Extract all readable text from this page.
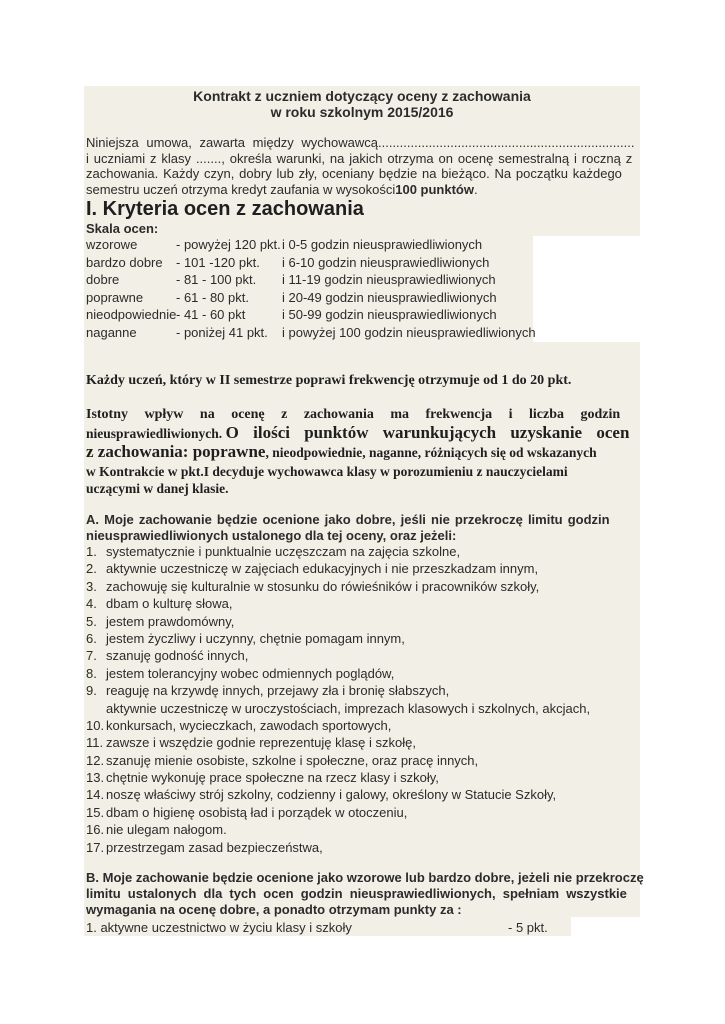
Kontrakt z uczniem dotyczący oceny z zachowania
w roku szkolnym 2015/2016
Niniejsza umowa, zawarta między wychowawcą .......................................................................
i uczniami z klasy ......., określa warunki, na jakich otrzyma on ocenę semestralną i roczną z
zachowania. Każdy czyn, dobry lub zły, oceniany będzie na bieżąco. Na początku każdego
semestru uczeń otrzyma kredyt zaufania w wysokości100 punktów.
I. Kryteria ocen z zachowania
Skala ocen:
wzorowe	- powyżej 120 pkt. i 0-5 godzin nieusprawiedliwionych
bardzo dobre - 101 -120 pkt. i 6-10 godzin nieusprawiedliwionych
dobre	- 81 - 100 pkt. i 11-19 godzin nieusprawiedliwionych
poprawne	- 61 - 80 pkt.	i 20-49 godzin nieusprawiedliwionych
nieodpowiednie - 41 - 60 pkt	i 50-99 godzin nieusprawiedliwionych
naganne	- poniżej 41 pkt. i powyżej 100 godzin nieusprawiedliwionych
Każdy uczeń, który w II semestrze poprawi frekwencję otrzymuje od 1 do 20 pkt.
Istotny wpływ na ocenę z zachowania ma frekwencja i liczba godzin
nieusprawiedliwionych. O ilości punktów warunkujących uzyskanie ocen
z zachowania: poprawne, nieodpowiednie, naganne, różniących się od wskazanych
w Kontrakcie w pkt.I decyduje wychowawca klasy w porozumieniu z nauczycielami
uczącymi w danej klasie.
A. Moje zachowanie będzie ocenione jako dobre, jeśli nie przekroczę limitu godzin
nieusprawiedliwionych ustalonego dla tej oceny, oraz jeżeli:
1. systematycznie i punktualnie uczęszczam na zajęcia szkolne,
2. aktywnie uczestniczę w zajęciach edukacyjnych i nie przeszkadzam innym,
3. zachowuję się kulturalnie w stosunku do rówieśników i pracowników szkoły,
4. dbam o kulturę słowa,
5. jestem prawdomówny,
6. jestem życzliwy i uczynny, chętnie pomagam innym,
7. szanuję godność innych,
8. jestem tolerancyjny wobec odmiennych poglądów,
9. reaguję na krzywdę innych, przejawy zła i bronię słabszych,
aktywnie uczestniczę w uroczystościach, imprezach klasowych i szkolnych, akcjach,
10. konkursach, wycieczkach, zawodach sportowych,
11. zawsze i wszędzie godnie reprezentuję klasę i szkołę,
12. szanuję mienie osobiste, szkolne i społeczne, oraz pracę innych,
13. chętnie wykonuję prace społeczne na rzecz klasy i szkoły,
14. noszę właściwy strój szkolny, codzienny i galowy, określony w Statucie Szkoły,
15. dbam o higienę osobistą ład i porządek w otoczeniu,
16. nie ulegam nałogom.
17. przestrzegam zasad bezpieczeństwa,
B. Moje zachowanie będzie ocenione jako wzorowe lub bardzo dobre, jeżeli nie przekroczę
limitu ustalonych dla tych ocen godzin nieusprawiedliwionych, spełniam wszystkie
wymagania na ocenę dobre, a ponadto otrzymam punkty za :
1. aktywne uczestnictwo w życiu klasy i szkoły	- 5 pkt.
